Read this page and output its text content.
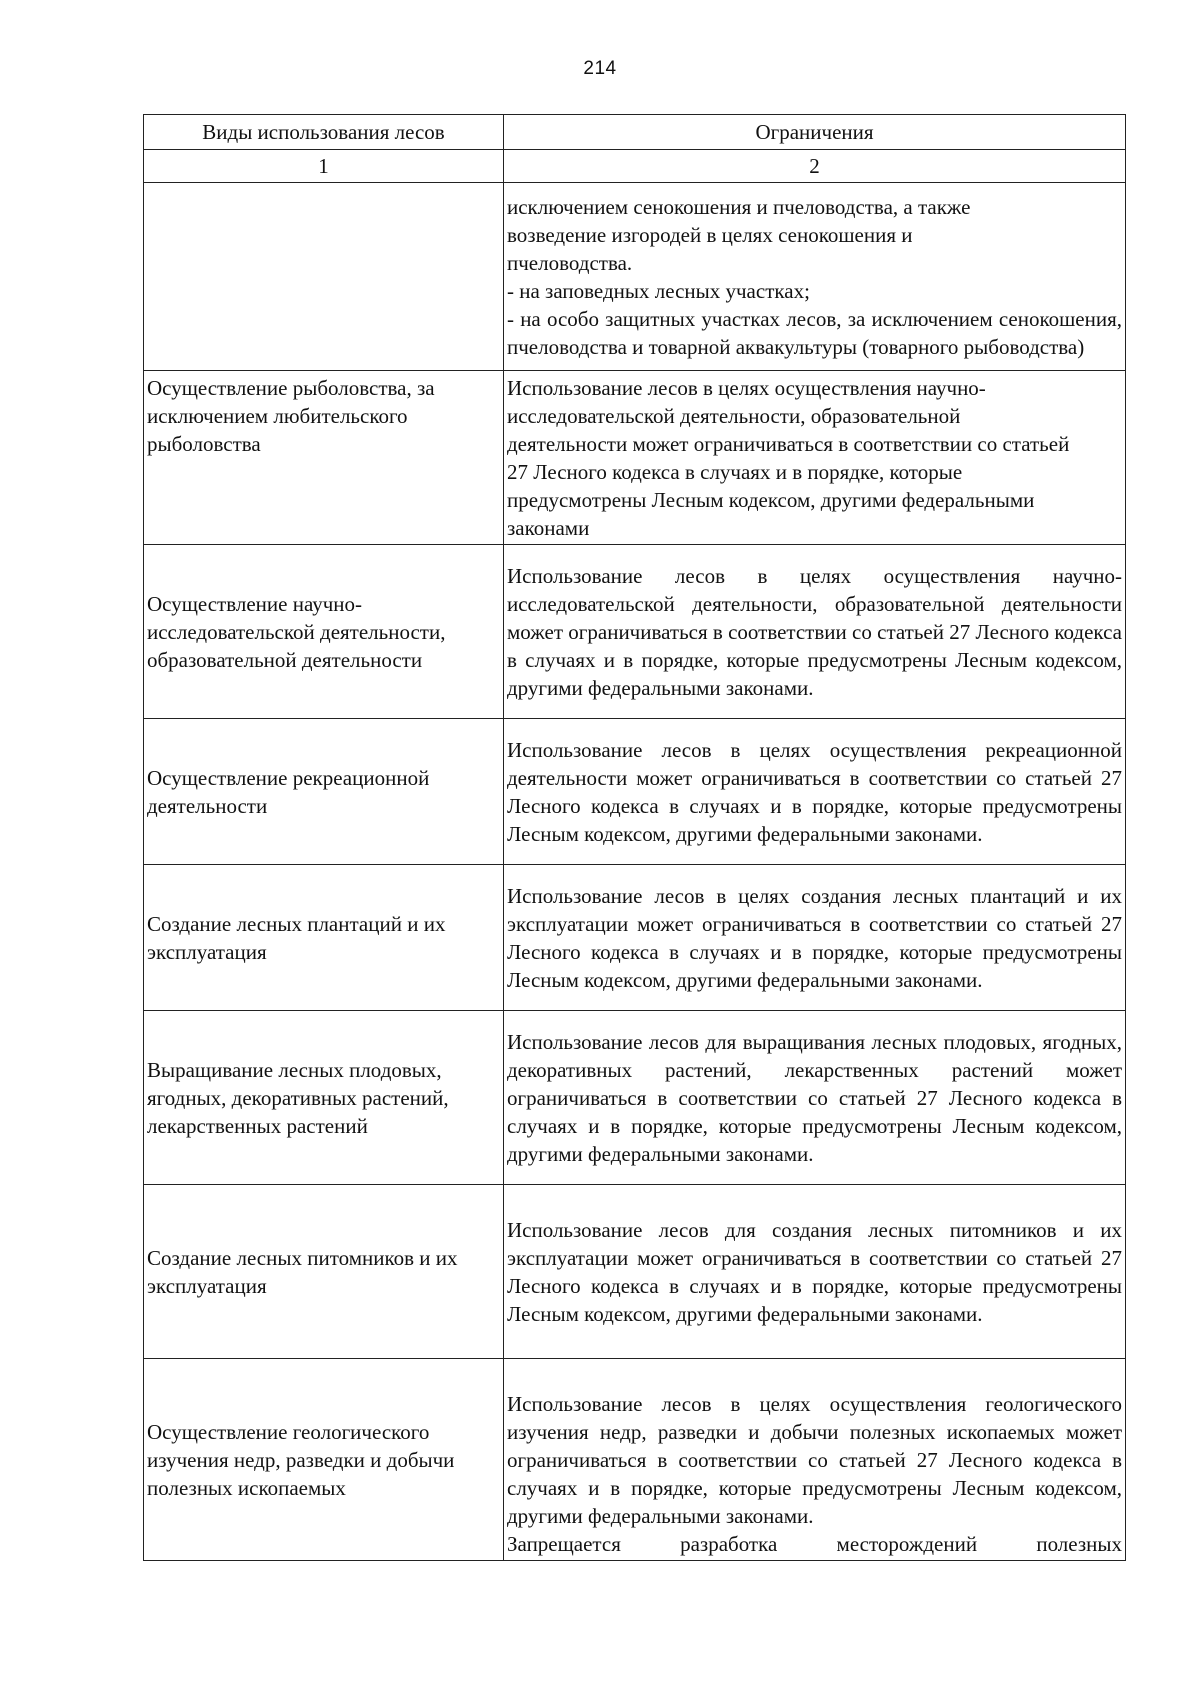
214
Виды использования лесов	Ограничения
1	2

	исключением сенокошения и пчеловодства, а также возведение изгородей в целях сенокошения и пчеловодства.
- на заповедных лесных участках;
- на особо защитных участках лесов, за исключением сенокошения, пчеловодства и товарной аквакультуры (товарного рыбоводства)

Осуществление рыболовства, за исключением любительского рыболовства	Использование лесов в целях осуществления научно-исследовательской деятельности, образовательной деятельности может ограничиваться в соответствии со статьей 27 Лесного кодекса в случаях и в порядке, которые предусмотрены Лесным кодексом, другими федеральными законами

Осуществление научно-исследовательской деятельности, образовательной деятельности	Использование лесов в целях осуществления научно-исследовательской деятельности, образовательной деятельности может ограничиваться в соответствии со статьей 27 Лесного кодекса в случаях и в порядке, которые предусмотрены Лесным кодексом, другими федеральными законами.

Осуществление рекреационной деятельности	Использование лесов в целях осуществления рекреационной деятельности может ограничиваться в соответствии со статьей 27 Лесного кодекса в случаях и в порядке, которые предусмотрены Лесным кодексом, другими федеральными законами.

Создание лесных плантаций и их эксплуатация	Использование лесов в целях создания лесных плантаций и их эксплуатации может ограничиваться в соответствии со статьей 27 Лесного кодекса в случаях и в порядке, которые предусмотрены Лесным кодексом, другими федеральными законами.

Выращивание лесных плодовых, ягодных, декоративных растений, лекарственных растений	Использование лесов для выращивания лесных плодовых, ягодных, декоративных растений, лекарственных растений может ограничиваться в соответствии со статьей 27 Лесного кодекса в случаях и в порядке, которые предусмотрены Лесным кодексом, другими федеральными законами.

Создание лесных питомников и их эксплуатация	Использование лесов для создания лесных питомников и их эксплуатации может ограничиваться в соответствии со статьей 27 Лесного кодекса в случаях и в порядке, которые предусмотрены Лесным кодексом, другими федеральными законами.

Осуществление геологического изучения недр, разведки и добычи полезных ископаемых	Использование лесов в целях осуществления геологического изучения недр, разведки и добычи полезных ископаемых может ограничиваться в соответствии со статьей 27 Лесного кодекса в случаях и в порядке, которые предусмотрены Лесным кодексом, другими федеральными законами.
Запрещается разработка месторождений полезных
